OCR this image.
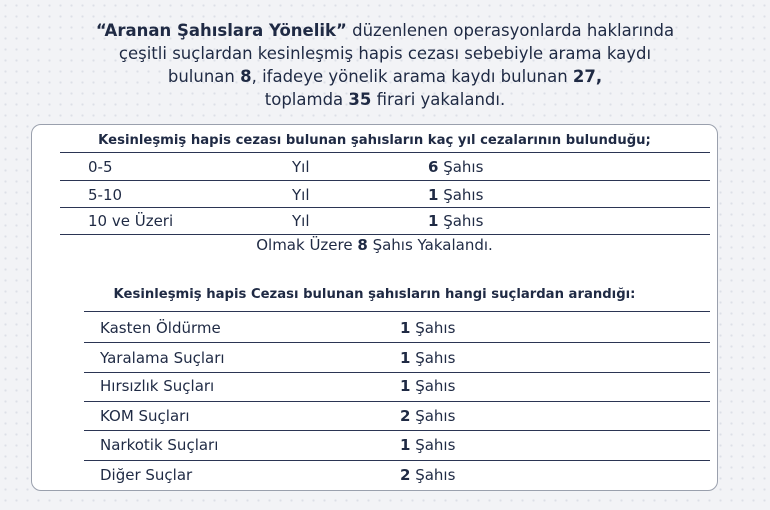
“Aranan Şahıslara Yönelik” düzenlenen operasyonlarda haklarında
çeşitli suçlardan kesinleşmiş hapis cezası sebebiyle arama kaydı
bulunan 8, ifadeye yönelik arama kaydı bulunan 27,
toplamda 35 firari yakalandı.
Kesinleşmiş hapis cezası bulunan şahısların kaç yıl cezalarının bulunduğu;
0-5	Yıl	6 Şahıs
5-10	Yıl	1 Şahıs
10 ve Üzeri	Yıl	1 Şahıs
Olmak Üzere 8 Şahıs Yakalandı.
Kesinleşmiş hapis Cezası bulunan şahısların hangi suçlardan arandığı:
Kasten Öldürme	1 Şahıs
Yaralama Suçları	1 Şahıs
Hırsızlık Suçları	1 Şahıs
KOM Suçları	2 Şahıs
Narkotik Suçları	1 Şahıs
Diğer Suçlar	2 Şahıs
